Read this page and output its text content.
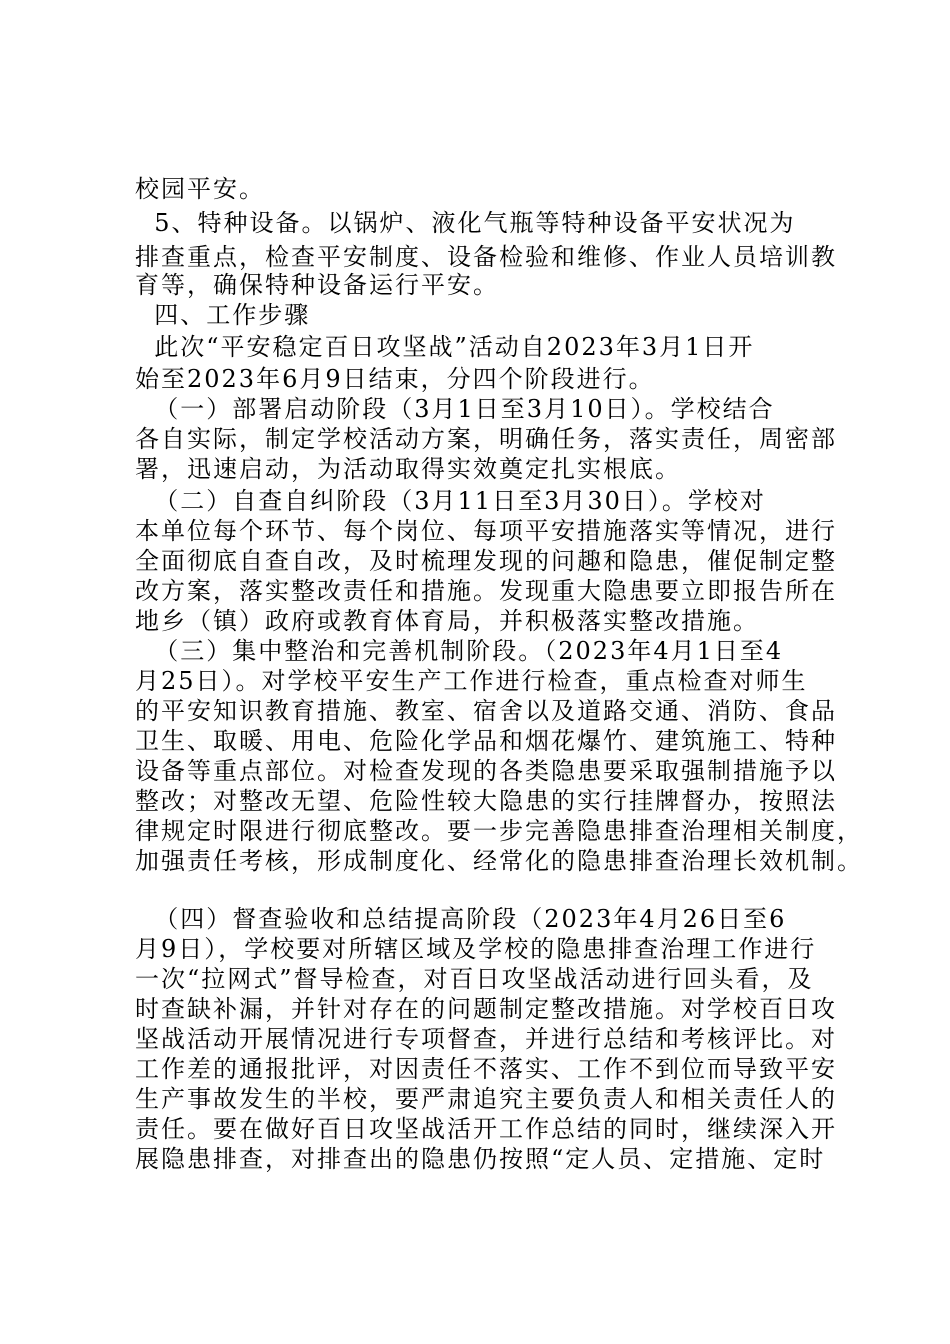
校园平安。
5、特种设备。以锅炉、液化气瓶等特种设备平安状况为
排查重点，检查平安制度、设备检验和维修、作业人员培训教
育等，确保特种设备运行平安。
四、工作步骤
此次“平安稳定百日攻坚战”活动自2023年3月1日开
始至2023年6月9日结束，分四个阶段进行。
（一）部署启动阶段（3月1日至3月10日）。学校结合
各自实际，制定学校活动方案，明确任务，落实责任，周密部
署，迅速启动，为活动取得实效奠定扎实根底。
（二）自查自纠阶段（3月11日至3月30日）。学校对
本单位每个环节、每个岗位、每项平安措施落实等情况，进行
全面彻底自查自改，及时梳理发现的问趣和隐患，催促制定整
改方案，落实整改责任和措施。发现重大隐患要立即报告所在
地乡（镇）政府或教育体育局，并积极落实整改措施。
（三）集中整治和完善机制阶段。（2023年4月1日至4
月25日）。对学校平安生产工作进行检查，重点检查对师生
的平安知识教育措施、教室、宿舍以及道路交通、消防、食品
卫生、取暖、用电、危险化学品和烟花爆竹、建筑施工、特种
设备等重点部位。对检查发现的各类隐患要采取强制措施予以
整改；对整改无望、危险性较大隐患的实行挂牌督办，按照法
律规定时限进行彻底整改。要一步完善隐患排查治理相关制度，
加强责任考核，形成制度化、经常化的隐患排查治理长效机制。
（四）督查验收和总结提高阶段（2023年4月26日至6
月9日），学校要对所辖区域及学校的隐患排查治理工作进行
一次“拉网式”督导检查，对百日攻坚战活动进行回头看，及
时查缺补漏，并针对存在的问题制定整改措施。对学校百日攻
坚战活动开展情况进行专项督查，并进行总结和考核评比。对
工作差的通报批评，对因责任不落实、工作不到位而导致平安
生产事故发生的半校，要严肃追究主要负责人和相关责任人的
责任。要在做好百日攻坚战活开工作总结的同时，继续深入开
展隐患排查，对排查出的隐患仍按照“定人员、定措施、定时
